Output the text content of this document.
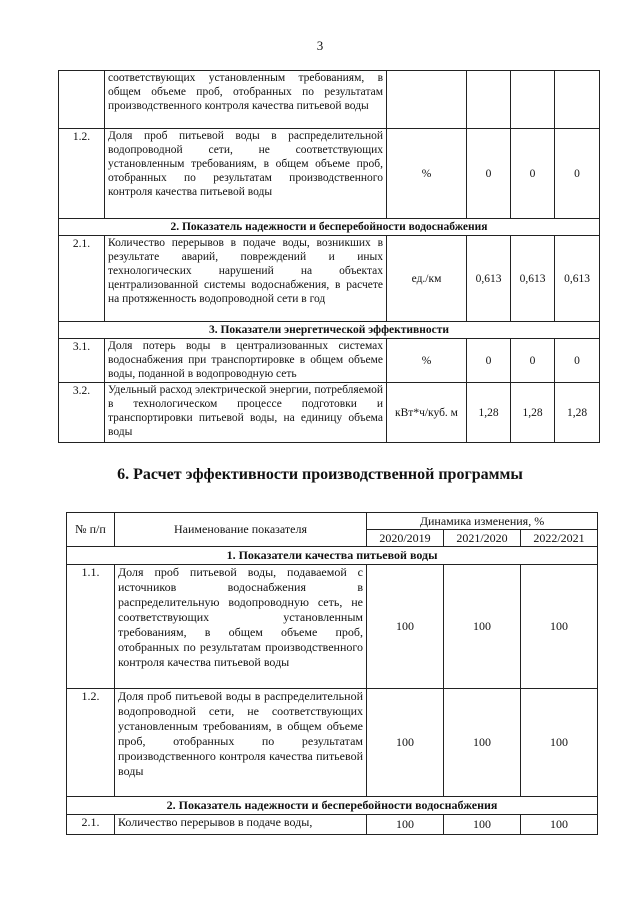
3
	соответствующих установленным требованиям, в общем объеме проб, отобранных по результатам производственного контроля качества питьевой воды				
1.2.	Доля проб питьевой воды в распределительной водопроводной сети, не соответствующих установленным требованиям, в общем объеме проб, отобранных по результатам производственного контроля качества питьевой воды	%	0	0	0
2. Показатель надежности и бесперебойности водоснабжения					
2.1.	Количество перерывов в подаче воды, возникших в результате аварий, повреждений и иных технологических нарушений на объектах централизованной системы водоснабжения, в расчете на протяженность водопроводной сети в год	ед./км	0,613	0,613	0,613
3. Показатели энергетической эффективности					
3.1.	Доля потерь воды в централизованных системах водоснабжения при транспортировке в общем объеме воды, поданной в водопроводную сеть	%	0	0	0
3.2.	Удельный расход электрической энергии, потребляемой в технологическом процессе подготовки и транспортировки питьевой воды, на единицу объема воды	кВт*ч/куб. м	1,28	1,28	1,28
6. Расчет эффективности производственной программы
№ п/п	Наименование показателя	Динамика изменения, %		
		2020/2019	2021/2020	2022/2021
1. Показатели качества питьевой воды				
1.1.	Доля проб питьевой воды, подаваемой с источников водоснабжения в распределительную водопроводную сеть, не соответствующих установленным требованиям, в общем объеме проб, отобранных по результатам производственного контроля качества питьевой воды	100	100	100
1.2.	Доля проб питьевой воды в распределительной водопроводной сети, не соответствующих установленным требованиям, в общем объеме проб, отобранных по результатам производственного контроля качества питьевой воды	100	100	100
2. Показатель надежности и бесперебойности водоснабжения				
2.1.	Количество перерывов в подаче воды,	100	100	100
